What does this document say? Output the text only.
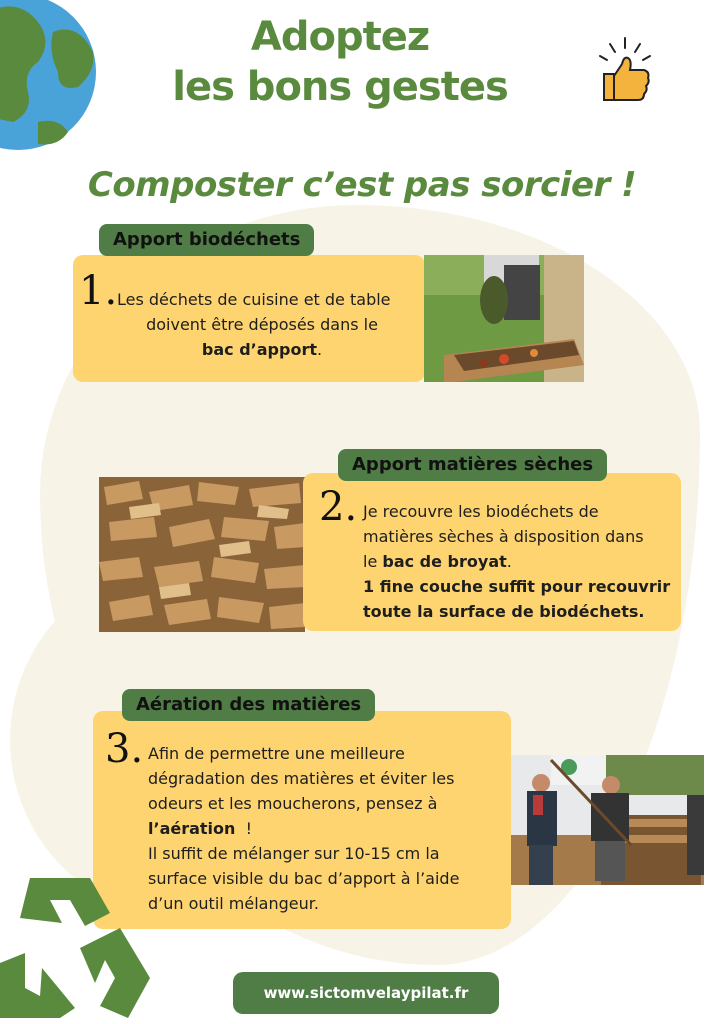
Adoptez
les bons gestes
Composter c’est pas sorcier !
1. Les déchets de cuisine et de table
doivent être déposés dans le
bac d’apport.
Apport biodéchets
2. Je recouvre les biodéchets de
matières sèches à disposition dans
le bac de broyat.
1 fine couche suffit pour recouvrir
toute la surface de biodéchets.
Apport matières sèches
3. Afin de permettre une meilleure
dégradation des matières et éviter les
odeurs et les moucherons, pensez à
l’aération  !
Il suffit de mélanger sur 10-15 cm la
surface visible du bac d’apport à l’aide
d’un outil mélangeur.
Aération des matières
www.sictomvelaypilat.fr
